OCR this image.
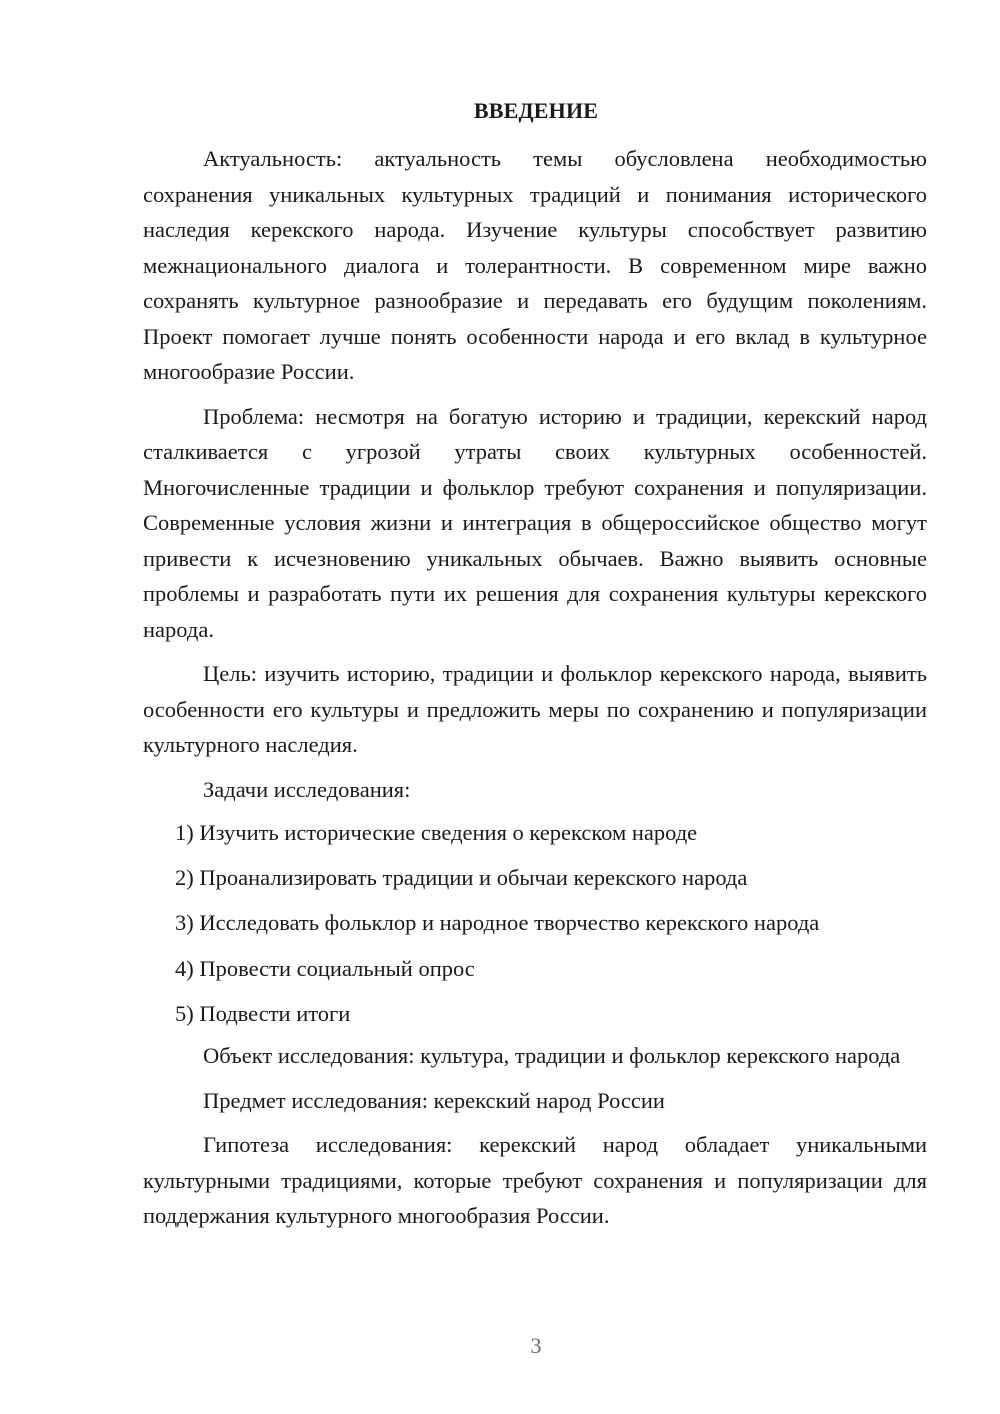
ВВЕДЕНИЕ

Актуальность: актуальность темы обусловлена необходимостью сохранения уникальных культурных традиций и понимания исторического наследия керекского народа. Изучение культуры способствует развитию межнационального диалога и толерантности. В современном мире важно сохранять культурное разнообразие и передавать его будущим поколениям. Проект помогает лучше понять особенности народа и его вклад в культурное многообразие России.

Проблема: несмотря на богатую историю и традиции, керекский народ сталкивается с угрозой утраты своих культурных особенностей. Многочисленные традиции и фольклор требуют сохранения и популяризации. Современные условия жизни и интеграция в общероссийское общество могут привести к исчезновению уникальных обычаев. Важно выявить основные проблемы и разработать пути их решения для сохранения культуры керекского народа.

Цель: изучить историю, традиции и фольклор керекского народа, выявить особенности его культуры и предложить меры по сохранению и популяризации культурного наследия.

Задачи исследования:

1) Изучить исторические сведения о керекском народе

2) Проанализировать традиции и обычаи керекского народа

3) Исследовать фольклор и народное творчество керекского народа

4) Провести социальный опрос

5) Подвести итоги

Объект исследования: культура, традиции и фольклор керекского народа

Предмет исследования: керекский народ России

Гипотеза исследования: керекский народ обладает уникальными культурными традициями, которые требуют сохранения и популяризации для поддержания культурного многообразия России.

3
